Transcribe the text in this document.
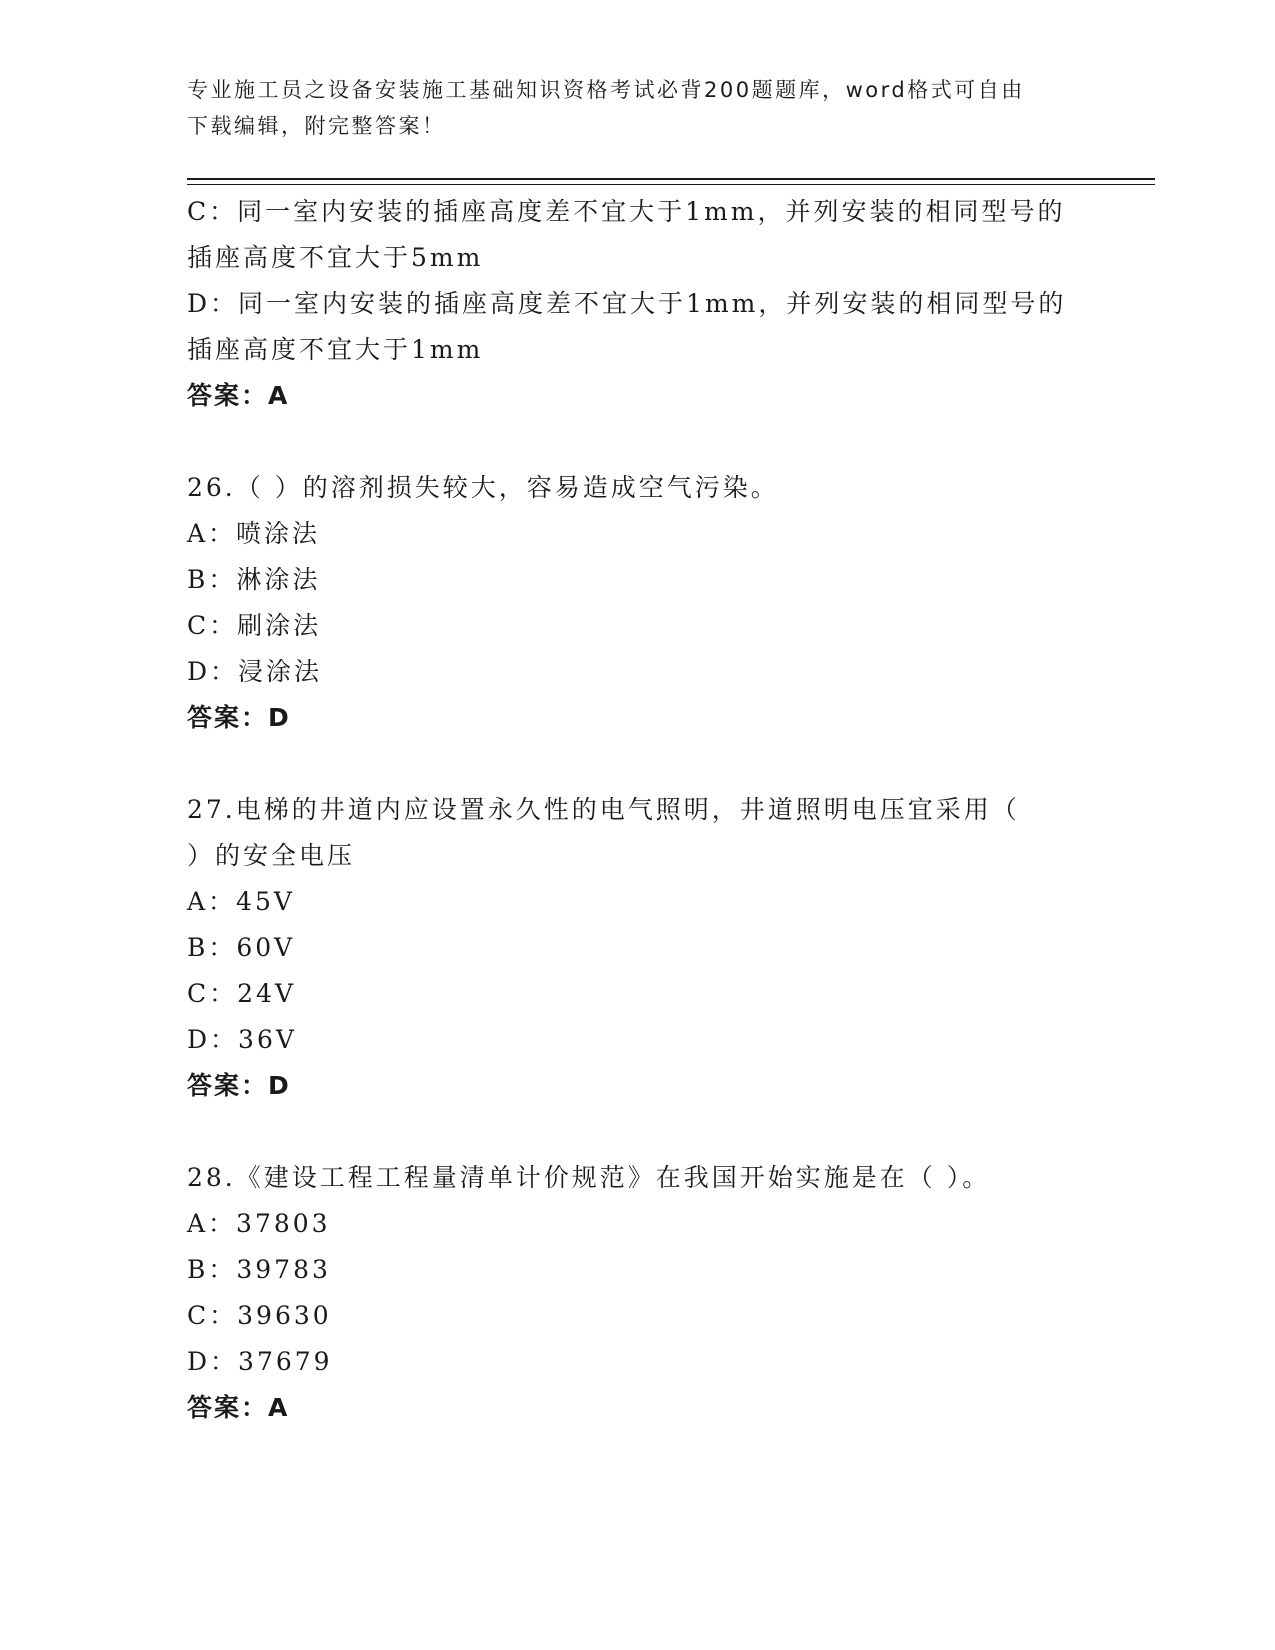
专业施工员之设备安装施工基础知识资格考试必背200题题库，word格式可自由
下载编辑，附完整答案！
C：同一室内安装的插座高度差不宜大于1mm，并列安装的相同型号的
插座高度不宜大于5mm
D：同一室内安装的插座高度差不宜大于1mm，并列安装的相同型号的
插座高度不宜大于1mm
答案：A
26.（ ）的溶剂损失较大，容易造成空气污染。
A：喷涂法
B：淋涂法
C：刷涂法
D：浸涂法
答案：D
27.电梯的井道内应设置永久性的电气照明，井道照明电压宜采用（
）的安全电压
A：45V
B：60V
C：24V
D：36V
答案：D
28.《建设工程工程量清单计价规范》在我国开始实施是在（ ）。
A：37803
B：39783
C：39630
D：37679
答案：A
